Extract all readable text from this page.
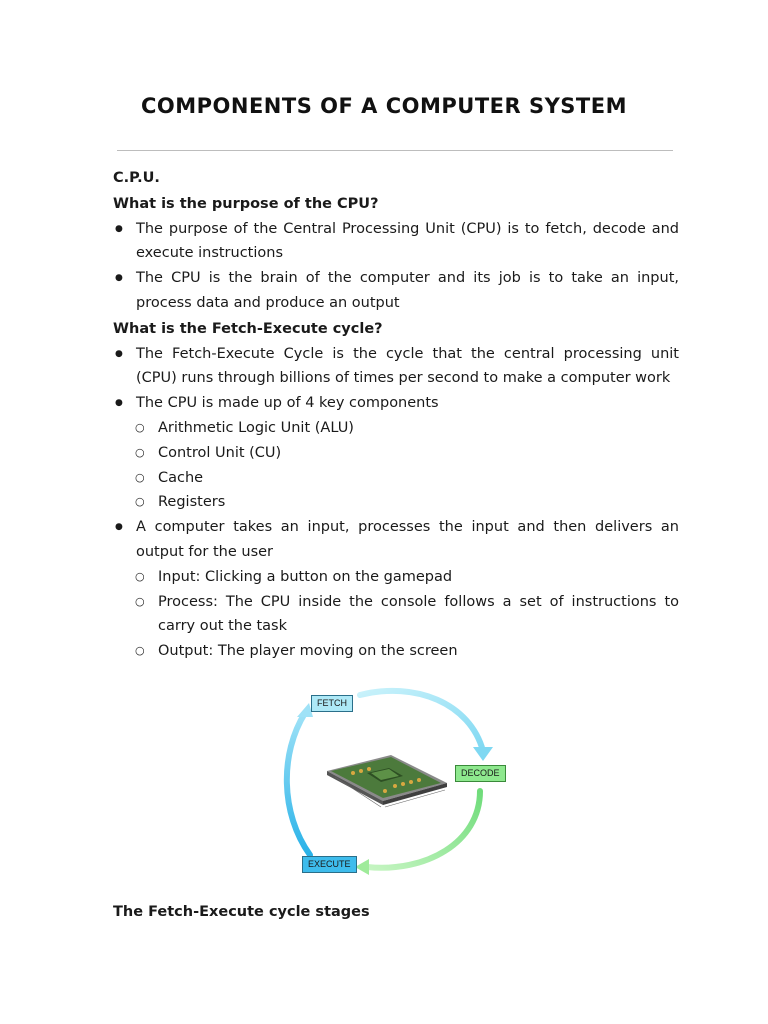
COMPONENTS OF A COMPUTER SYSTEM
C.P.U.
What is the purpose of the CPU?
● The purpose of the Central Processing Unit (CPU) is to fetch, decode and execute instructions
● The CPU is the brain of the computer and its job is to take an input, process data and produce an output
What is the Fetch-Execute cycle?
● The Fetch-Execute Cycle is the cycle that the central processing unit (CPU) runs through billions of times per second to make a computer work
● The CPU is made up of 4 key components
○ Arithmetic Logic Unit (ALU)
○ Control Unit (CU)
○ Cache
○ Registers
● A computer takes an input, processes the input and then delivers an output for the user
○ Input: Clicking a button on the gamepad
○ Process: The CPU inside the console follows a set of instructions to carry out the task
○ Output: The player moving on the screen
FETCH
DECODE
EXECUTE
The Fetch-Execute cycle stages
